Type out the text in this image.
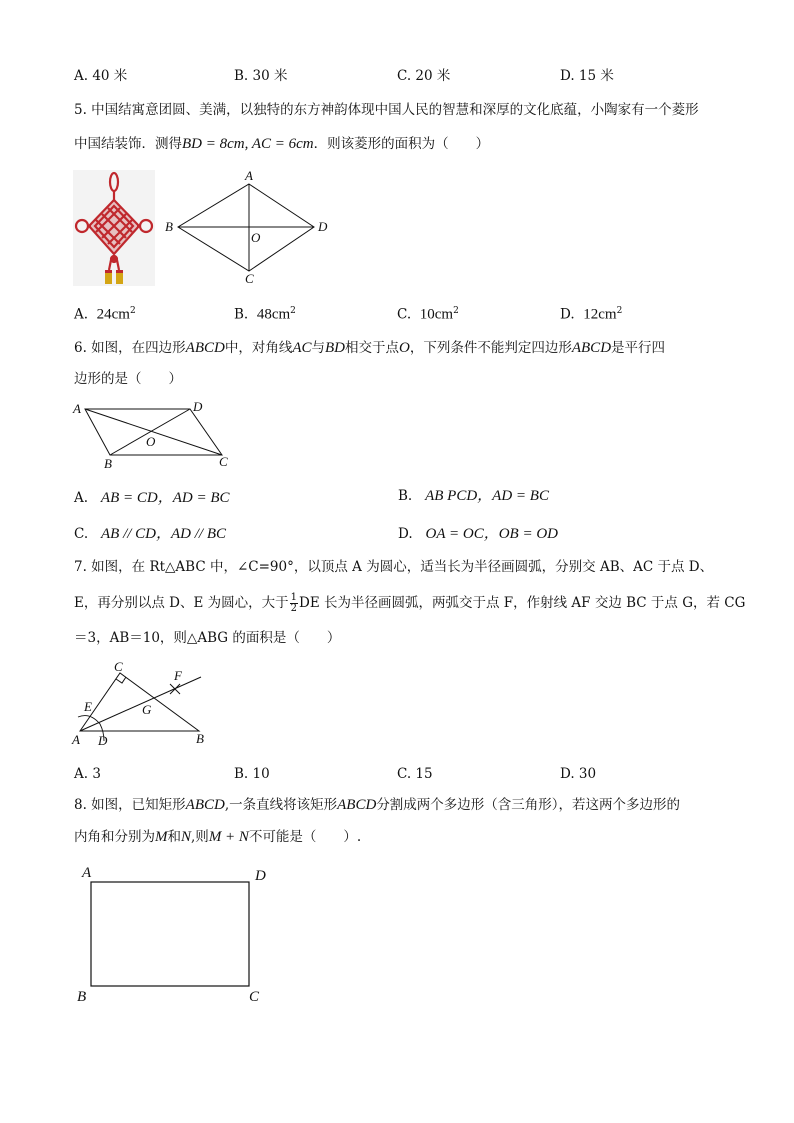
A. 40 米	B. 30 米	C. 20 米	D. 15 米
5. 中国结寓意团圆、美满，以独特的东方神韵体现中国人民的智慧和深厚的文化底蕴，小陶家有一个菱形
中国结装饰．测得BD = 8cm, AC = 6cm．则该菱形的面积为（　　）
A
B	D
C
O
A. $24cm^2$	B. $48cm^2$	C. $10cm^2$	D. $12cm^2$
6. 如图，在四边形ABCD中，对角线AC与BD相交于点O，下列条件不能判定四边形ABCD是平行四
边形的是（　　）
A	D
B	C
O
A. AB = CD，AD = BC	B. AB PCD，AD = BC
C. AB // CD，AD // BC	D. OA = OC，OB = OD
7. 如图，在 Rt△ABC 中，∠C=90°，以顶点 A 为圆心，适当长为半径画圆弧，分别交 AB、AC 于点 D、
E，再分别以点 D、E 为圆心，大于 $\frac{1}{2}$ DE 长为半径画圆弧，两弧交于点 F，作射线 AF 交边 BC 于点 G，若 CG
＝3，AB＝10，则△ABG 的面积是（　　）
C
E
F
G
A D	B
A. 3	B. 10	C. 15	D. 30
8. 如图，已知矩形ABCD,一条直线将该矩形ABCD分割成两个多边形（含三角形），若这两个多边形的
内角和分别为M和N,则M + N不可能是（　　）.
A	D
B	C
